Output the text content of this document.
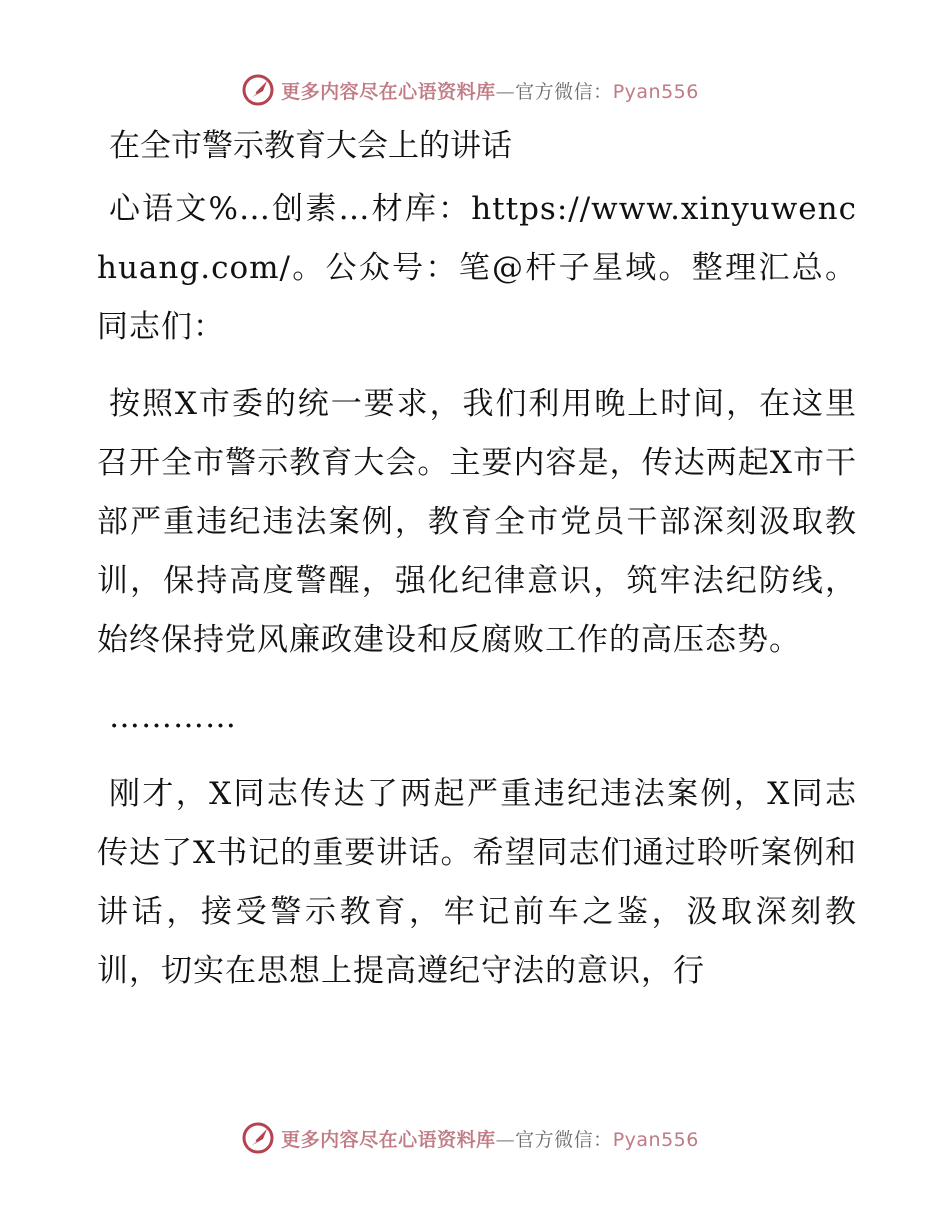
更多内容尽在心语资料库—官方微信：Pyan556
在全市警示教育大会上的讲话

心语文%…创素…材库：https://www.xinyuwenchuang.com/。公众号：笔@杆子星域。整理汇总。同志们：

按照X市委的统一要求，我们利用晚上时间，在这里召开全市警示教育大会。主要内容是，传达两起X市干部严重违纪违法案例，教育全市党员干部深刻汲取教训，保持高度警醒，强化纪律意识，筑牢法纪防线，始终保持党风廉政建设和反腐败工作的高压态势。

…………

刚才，X同志传达了两起严重违纪违法案例，X同志传达了X书记的重要讲话。希望同志们通过聆听案例和讲话，接受警示教育，牢记前车之鉴，汲取深刻教训，切实在思想上提高遵纪守法的意识，行

更多内容尽在心语资料库—官方微信：Pyan556
